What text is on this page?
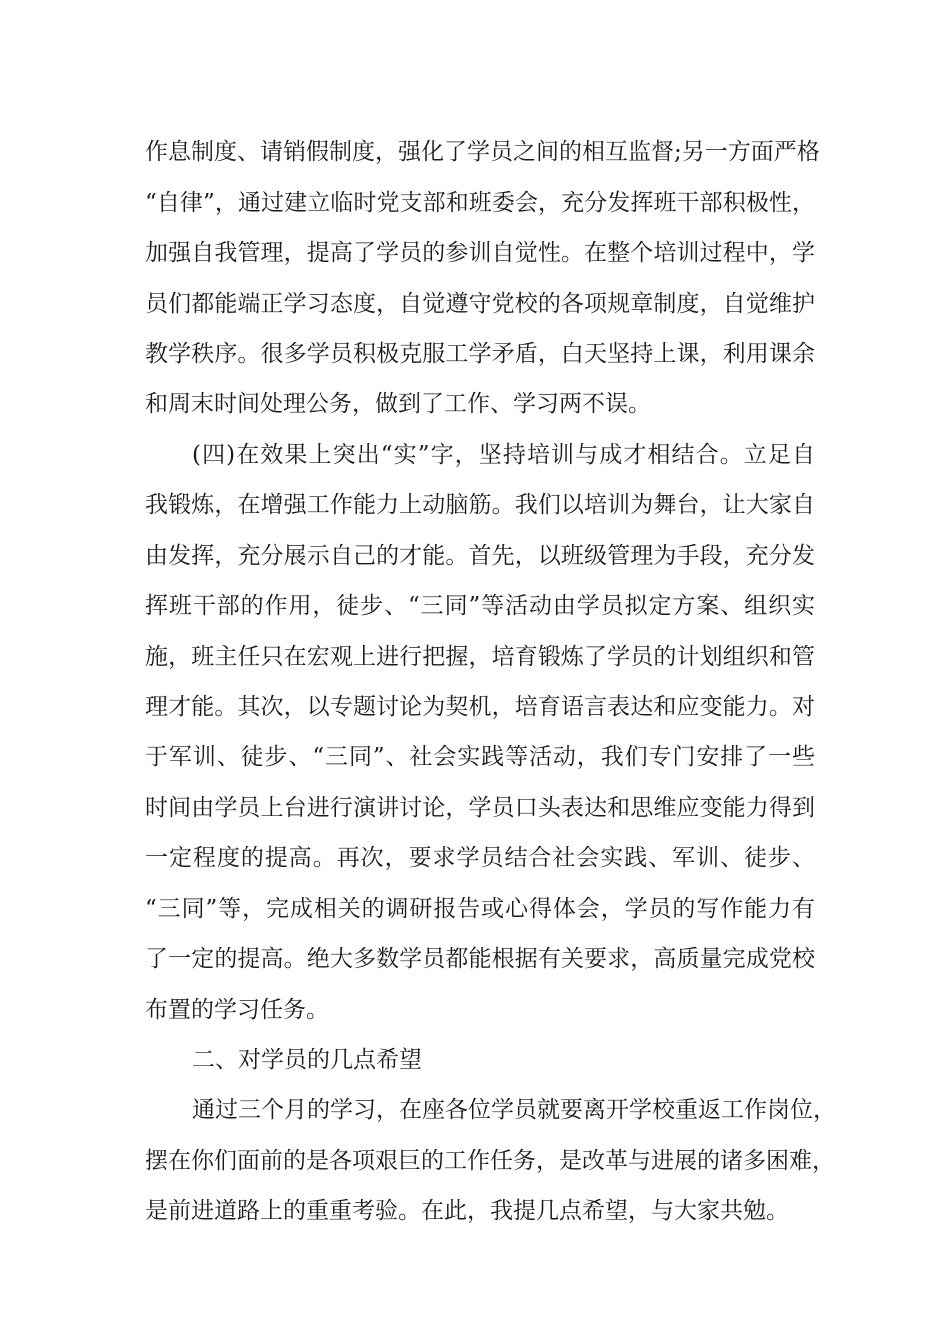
作息制度、请销假制度，强化了学员之间的相互监督;另一方面严格
“自律”，通过建立临时党支部和班委会，充分发挥班干部积极性，
加强自我管理，提高了学员的参训自觉性。在整个培训过程中，学
员们都能端正学习态度，自觉遵守党校的各项规章制度，自觉维护
教学秩序。很多学员积极克服工学矛盾，白天坚持上课，利用课余
和周末时间处理公务，做到了工作、学习两不误。
(四)在效果上突出“实”字，坚持培训与成才相结合。立足自
我锻炼，在增强工作能力上动脑筋。我们以培训为舞台，让大家自
由发挥，充分展示自己的才能。首先，以班级管理为手段，充分发
挥班干部的作用，徒步、“三同”等活动由学员拟定方案、组织实
施，班主任只在宏观上进行把握，培育锻炼了学员的计划组织和管
理才能。其次，以专题讨论为契机，培育语言表达和应变能力。对
于军训、徒步、“三同”、社会实践等活动，我们专门安排了一些
时间由学员上台进行演讲讨论，学员口头表达和思维应变能力得到
一定程度的提高。再次，要求学员结合社会实践、军训、徒步、
“三同”等，完成相关的调研报告或心得体会，学员的写作能力有
了一定的提高。绝大多数学员都能根据有关要求，高质量完成党校
布置的学习任务。
二、对学员的几点希望
通过三个月的学习，在座各位学员就要离开学校重返工作岗位，
摆在你们面前的是各项艰巨的工作任务，是改革与进展的诸多困难，
是前进道路上的重重考验。在此，我提几点希望，与大家共勉。
